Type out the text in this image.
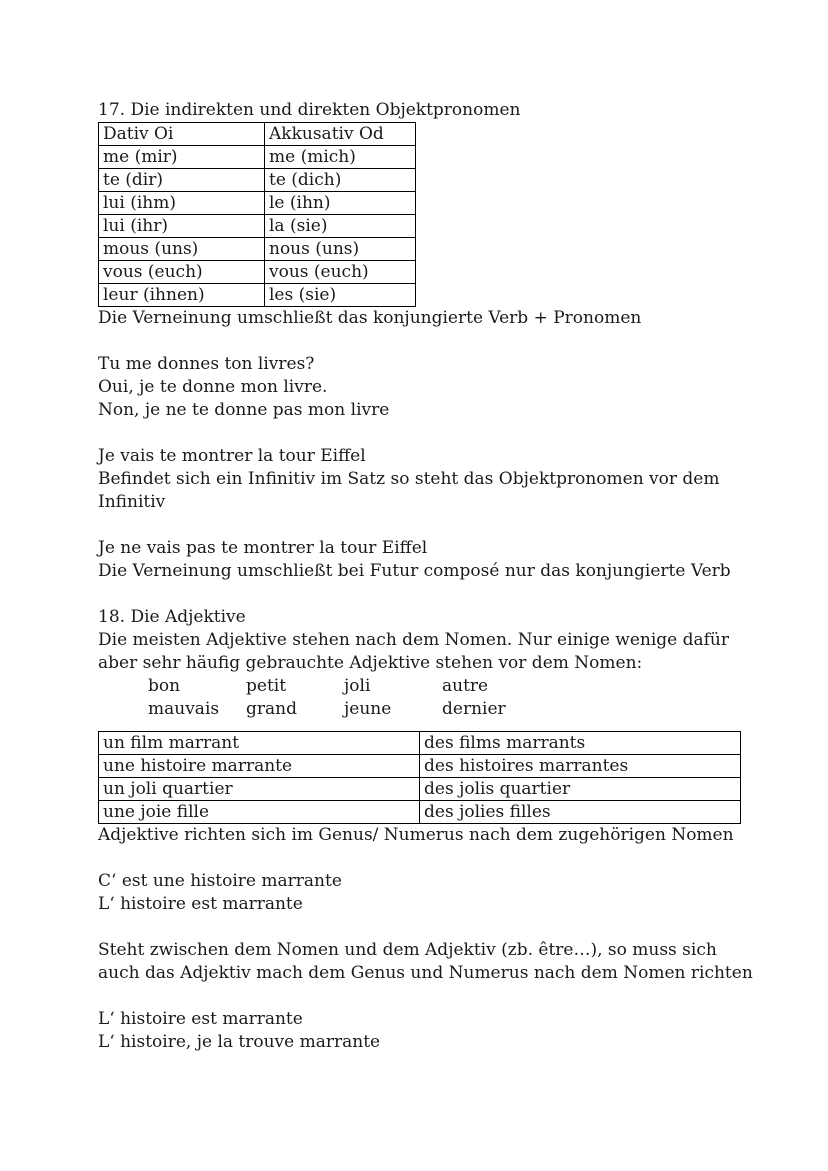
17. Die indirekten und direkten Objektpronomen
Dativ Oi	Akkusativ Od
me (mir)	me (mich)
te (dir)	te (dich)
lui (ihm)	le (ihn)
lui (ihr)	la (sie)
mous (uns)	nous (uns)
vous (euch)	vous (euch)
leur (ihnen)	les (sie)
Die Verneinung umschließt das konjungierte Verb + Pronomen
Tu me donnes ton livres?
Oui, je te donne mon livre.
Non, je ne te donne pas mon livre
Je vais te montrer la tour Eiffel
Befindet sich ein Infinitiv im Satz so steht das Objektpronomen vor dem
Infinitiv
Je ne vais pas te montrer la tour Eiffel
Die Verneinung umschließt bei Futur composé nur das konjungierte Verb
18. Die Adjektive
Die meisten Adjektive stehen nach dem Nomen. Nur einige wenige dafür
aber sehr häufig gebrauchte Adjektive stehen vor dem Nomen:
bon	petit	joli	autre
mauvais	grand	jeune	dernier
un film marrant	des films marrants
une histoire marrante	des histoires marrantes
un joli quartier	des jolis quartier
une joie fille	des jolies filles
Adjektive richten sich im Genus/ Numerus nach dem zugehörigen Nomen
C‘ est une histoire marrante
L‘ histoire est marrante
Steht zwischen dem Nomen und dem Adjektiv (zb. être…), so muss sich
auch das Adjektiv mach dem Genus und Numerus nach dem Nomen richten
L‘ histoire est marrante
L‘ histoire, je la trouve marrante
